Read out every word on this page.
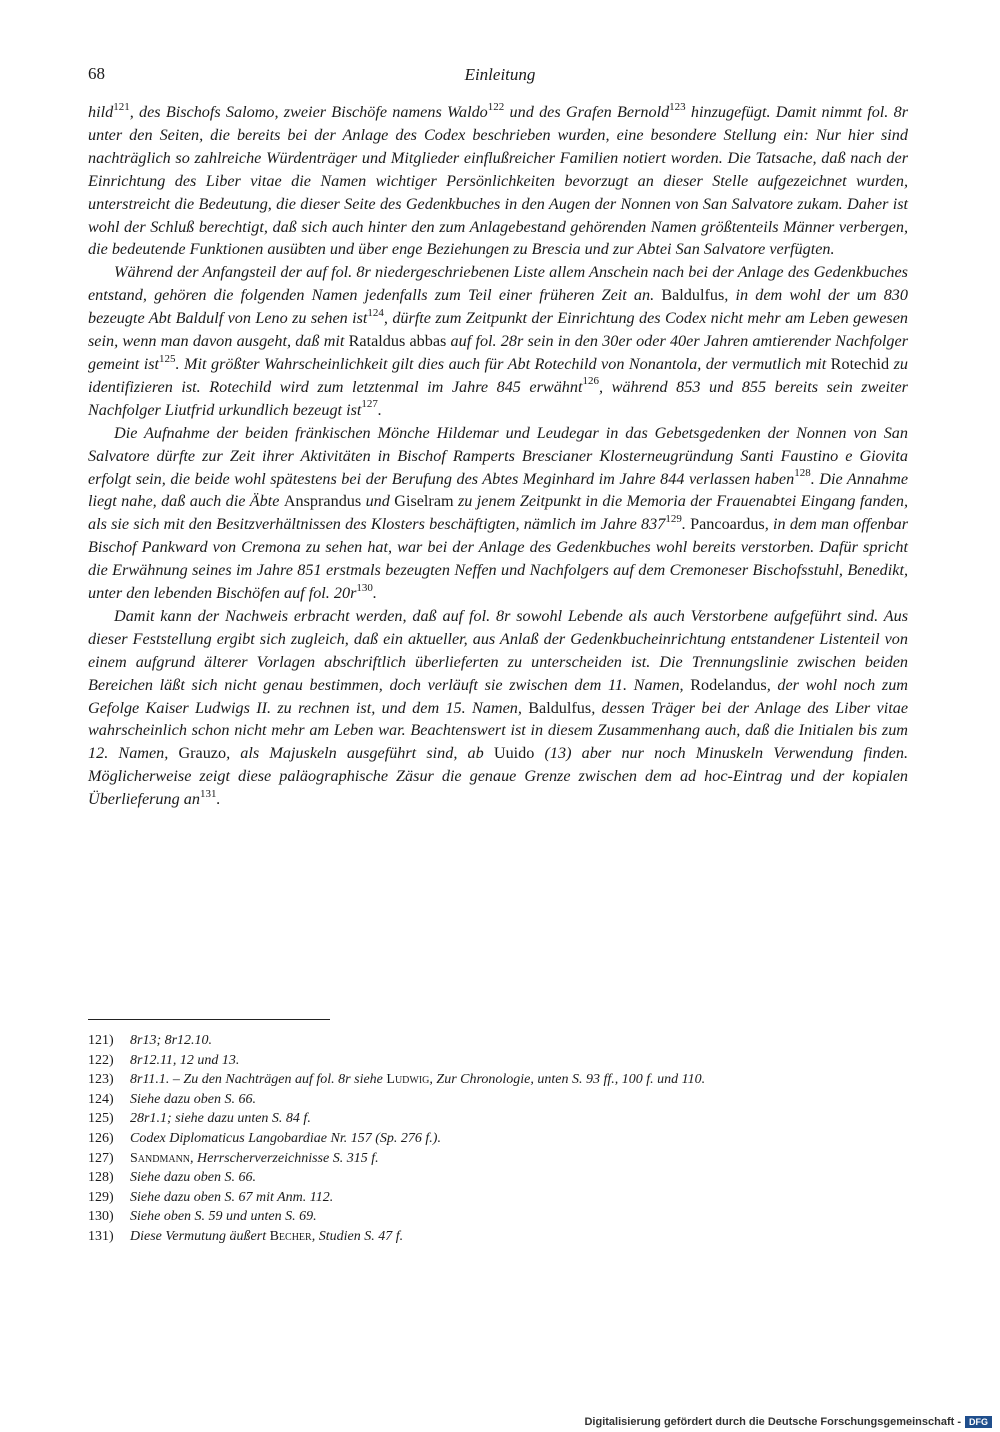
68	Einleitung

hild$^{121}$, des Bischofs Salomo, zweier Bischöfe namens Waldo$^{122}$ und des Grafen Bernold$^{123}$ hinzugefügt. Damit nimmt fol. 8r unter den Seiten, die bereits bei der Anlage des Codex beschrieben wurden, eine besondere Stellung ein: Nur hier sind nachträglich so zahlreiche Würdenträger und Mitglieder einflußreicher Familien notiert worden. Die Tatsache, daß nach der Einrichtung des Liber vitae die Namen wichtiger Persönlichkeiten bevorzugt an dieser Stelle aufgezeichnet wurden, unterstreicht die Bedeutung, die dieser Seite des Gedenkbuches in den Augen der Nonnen von San Salvatore zukam. Daher ist wohl der Schluß berechtigt, daß sich auch hinter den zum Anlagebestand gehörenden Namen größtenteils Männer verbergen, die bedeutende Funktionen ausübten und über enge Beziehungen zu Brescia und zur Abtei San Salvatore verfügten.

Während der Anfangsteil der auf fol. 8r niedergeschriebenen Liste allem Anschein nach bei der Anlage des Gedenkbuches entstand, gehören die folgenden Namen jedenfalls zum Teil einer früheren Zeit an. Baldulfus, in dem wohl der um 830 bezeugte Abt Baldulf von Leno zu sehen ist$^{124}$, dürfte zum Zeitpunkt der Einrichtung des Codex nicht mehr am Leben gewesen sein, wenn man davon ausgeht, daß mit Rataldus abbas auf fol. 28r sein in den 30er oder 40er Jahren amtierender Nachfolger gemeint ist$^{125}$. Mit größter Wahrscheinlichkeit gilt dies auch für Abt Rotechild von Nonantola, der vermutlich mit Rotechid zu identifizieren ist. Rotechild wird zum letztenmal im Jahre 845 erwähnt$^{126}$, während 853 und 855 bereits sein zweiter Nachfolger Liutfrid urkundlich bezeugt ist$^{127}$.

Die Aufnahme der beiden fränkischen Mönche Hildemar und Leudegar in das Gebetsgedenken der Nonnen von San Salvatore dürfte zur Zeit ihrer Aktivitäten in Bischof Ramperts Brescianer Klosterneugründung Santi Faustino e Giovita erfolgt sein, die beide wohl spätestens bei der Berufung des Abtes Meginhard im Jahre 844 verlassen haben$^{128}$. Die Annahme liegt nahe, daß auch die Äbte Ansprandus und Giselram zu jenem Zeitpunkt in die Memoria der Frauenabtei Eingang fanden, als sie sich mit den Besitzverhältnissen des Klosters beschäftigten, nämlich im Jahre $837^{129}$. Pancoardus, in dem man offenbar Bischof Pankward von Cremona zu sehen hat, war bei der Anlage des Gedenkbuches wohl bereits verstorben. Dafür spricht die Erwähnung seines im Jahre 851 erstmals bezeugten Neffen und Nachfolgers auf dem Cremoneser Bischofsstuhl, Benedikt, unter den lebenden Bischöfen auf fol. $20r^{130}$.

Damit kann der Nachweis erbracht werden, daß auf fol. 8r sowohl Lebende als auch Verstorbene aufgeführt sind. Aus dieser Feststellung ergibt sich zugleich, daß ein aktueller, aus Anlaß der Gedenkbucheinrichtung entstandener Listenteil von einem aufgrund älterer Vorlagen abschriftlich überlieferten zu unterscheiden ist. Die Trennungslinie zwischen beiden Bereichen läßt sich nicht genau bestimmen, doch verläuft sie zwischen dem 11. Namen, Rodelandus, der wohl noch zum Gefolge Kaiser Ludwigs II. zu rechnen ist, und dem 15. Namen, Baldulfus, dessen Träger bei der Anlage des Liber vitae wahrscheinlich schon nicht mehr am Leben war. Beachtenswert ist in diesem Zusammenhang auch, daß die Initialen bis zum 12. Namen, Grauzo, als Majuskeln ausgeführt sind, ab Uuido (13) aber nur noch Minuskeln Verwendung finden. Möglicherweise zeigt diese paläographische Zäsur die genaue Grenze zwischen dem ad hoc-Eintrag und der kopialen Überlieferung $an^{131}$.

121)	8r13; 8r12.10.
122)	8r12.11, 12 und 13.
123)	8r11.1. – Zu den Nachträgen auf fol. 8r siehe Ludwig, Zur Chronologie, unten S. 93 ff., 100 f. und 110.
124)	Siehe dazu oben S. 66.
125)	28r1.1; siehe dazu unten S. 84 f.
126)	Codex Diplomaticus Langobardiae Nr. 157 (Sp. 276 f.).
127)	Sandmann, Herrscherverzeichnisse S. 315 f.
128)	Siehe dazu oben S. 66.
129)	Siehe dazu oben S. 67 mit Anm. 112.
130)	Siehe oben S. 59 und unten S. 69.
131)	Diese Vermutung äußert Becher, Studien S. 47 f.
Digitalisierung gefördert durch die Deutsche Forschungsgemeinschaft - DFG
